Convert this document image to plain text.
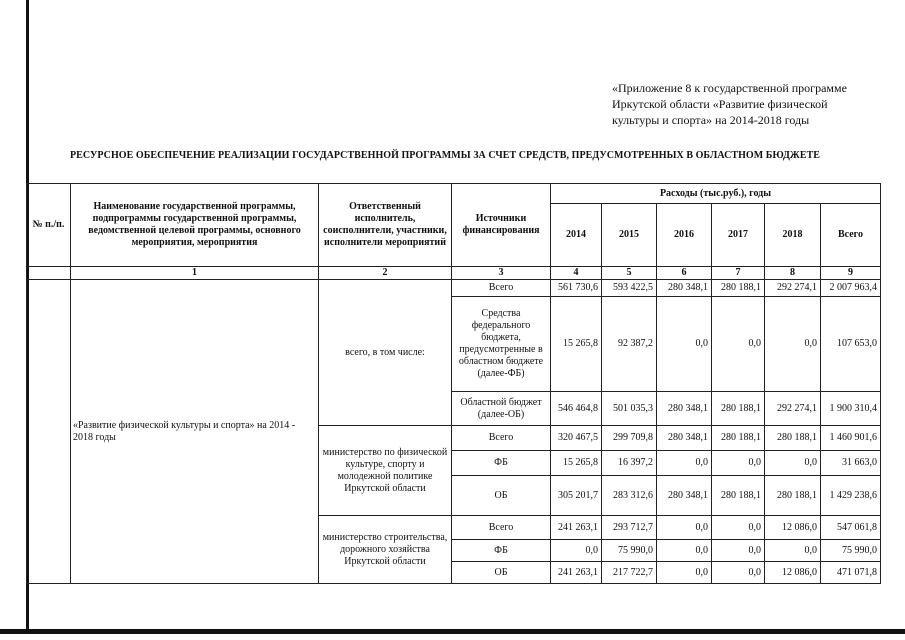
«Приложение 8 к государственной программе
Иркутской области «Развитие физической
культуры и спорта» на 2014-2018 годы
РЕСУРСНОЕ ОБЕСПЕЧЕНИЕ РЕАЛИЗАЦИИ ГОСУДАРСТВЕННОЙ ПРОГРАММЫ ЗА СЧЕТ СРЕДСТВ, ПРЕДУСМОТРЕННЫХ В ОБЛАСТНОМ БЮДЖЕТЕ
№ п./п.	Наименование государственной программы, подпрограммы государственной программы, ведомственной целевой программы, основного мероприятия, мероприятия	Ответственный исполнитель, соисполнители, участники, исполнители мероприятий	Источники финансирования	Расходы (тыс.руб.), годы					
				2014	2015	2016	2017	2018	Всего
	1	2	3	4	5	6	7	8	9
	«Развитие физической культуры и спорта» на 2014 - 2018 годы	всего, в том числе:	Всего	561 730,6	593 422,5	280 348,1	280 188,1	292 274,1	2 007 963,4
			Средства федерального бюджета, предусмотренные в областном бюджете (далее-ФБ)	15 265,8	92 387,2	0,0	0,0	0,0	107 653,0
			Областной бюджет (далее-ОБ)	546 464,8	501 035,3	280 348,1	280 188,1	292 274,1	1 900 310,4
		министерство по физической культуре, спорту и молодежной политике Иркутской области	Всего	320 467,5	299 709,8	280 348,1	280 188,1	280 188,1	1 460 901,6
			ФБ	15 265,8	16 397,2	0,0	0,0	0,0	31 663,0
			ОБ	305 201,7	283 312,6	280 348,1	280 188,1	280 188,1	1 429 238,6
		министерство строительства, дорожного хозяйства Иркутской области	Всего	241 263,1	293 712,7	0,0	0,0	12 086,0	547 061,8
			ФБ	0,0	75 990,0	0,0	0,0	0,0	75 990,0
			ОБ	241 263,1	217 722,7	0,0	0,0	12 086,0	471 071,8
